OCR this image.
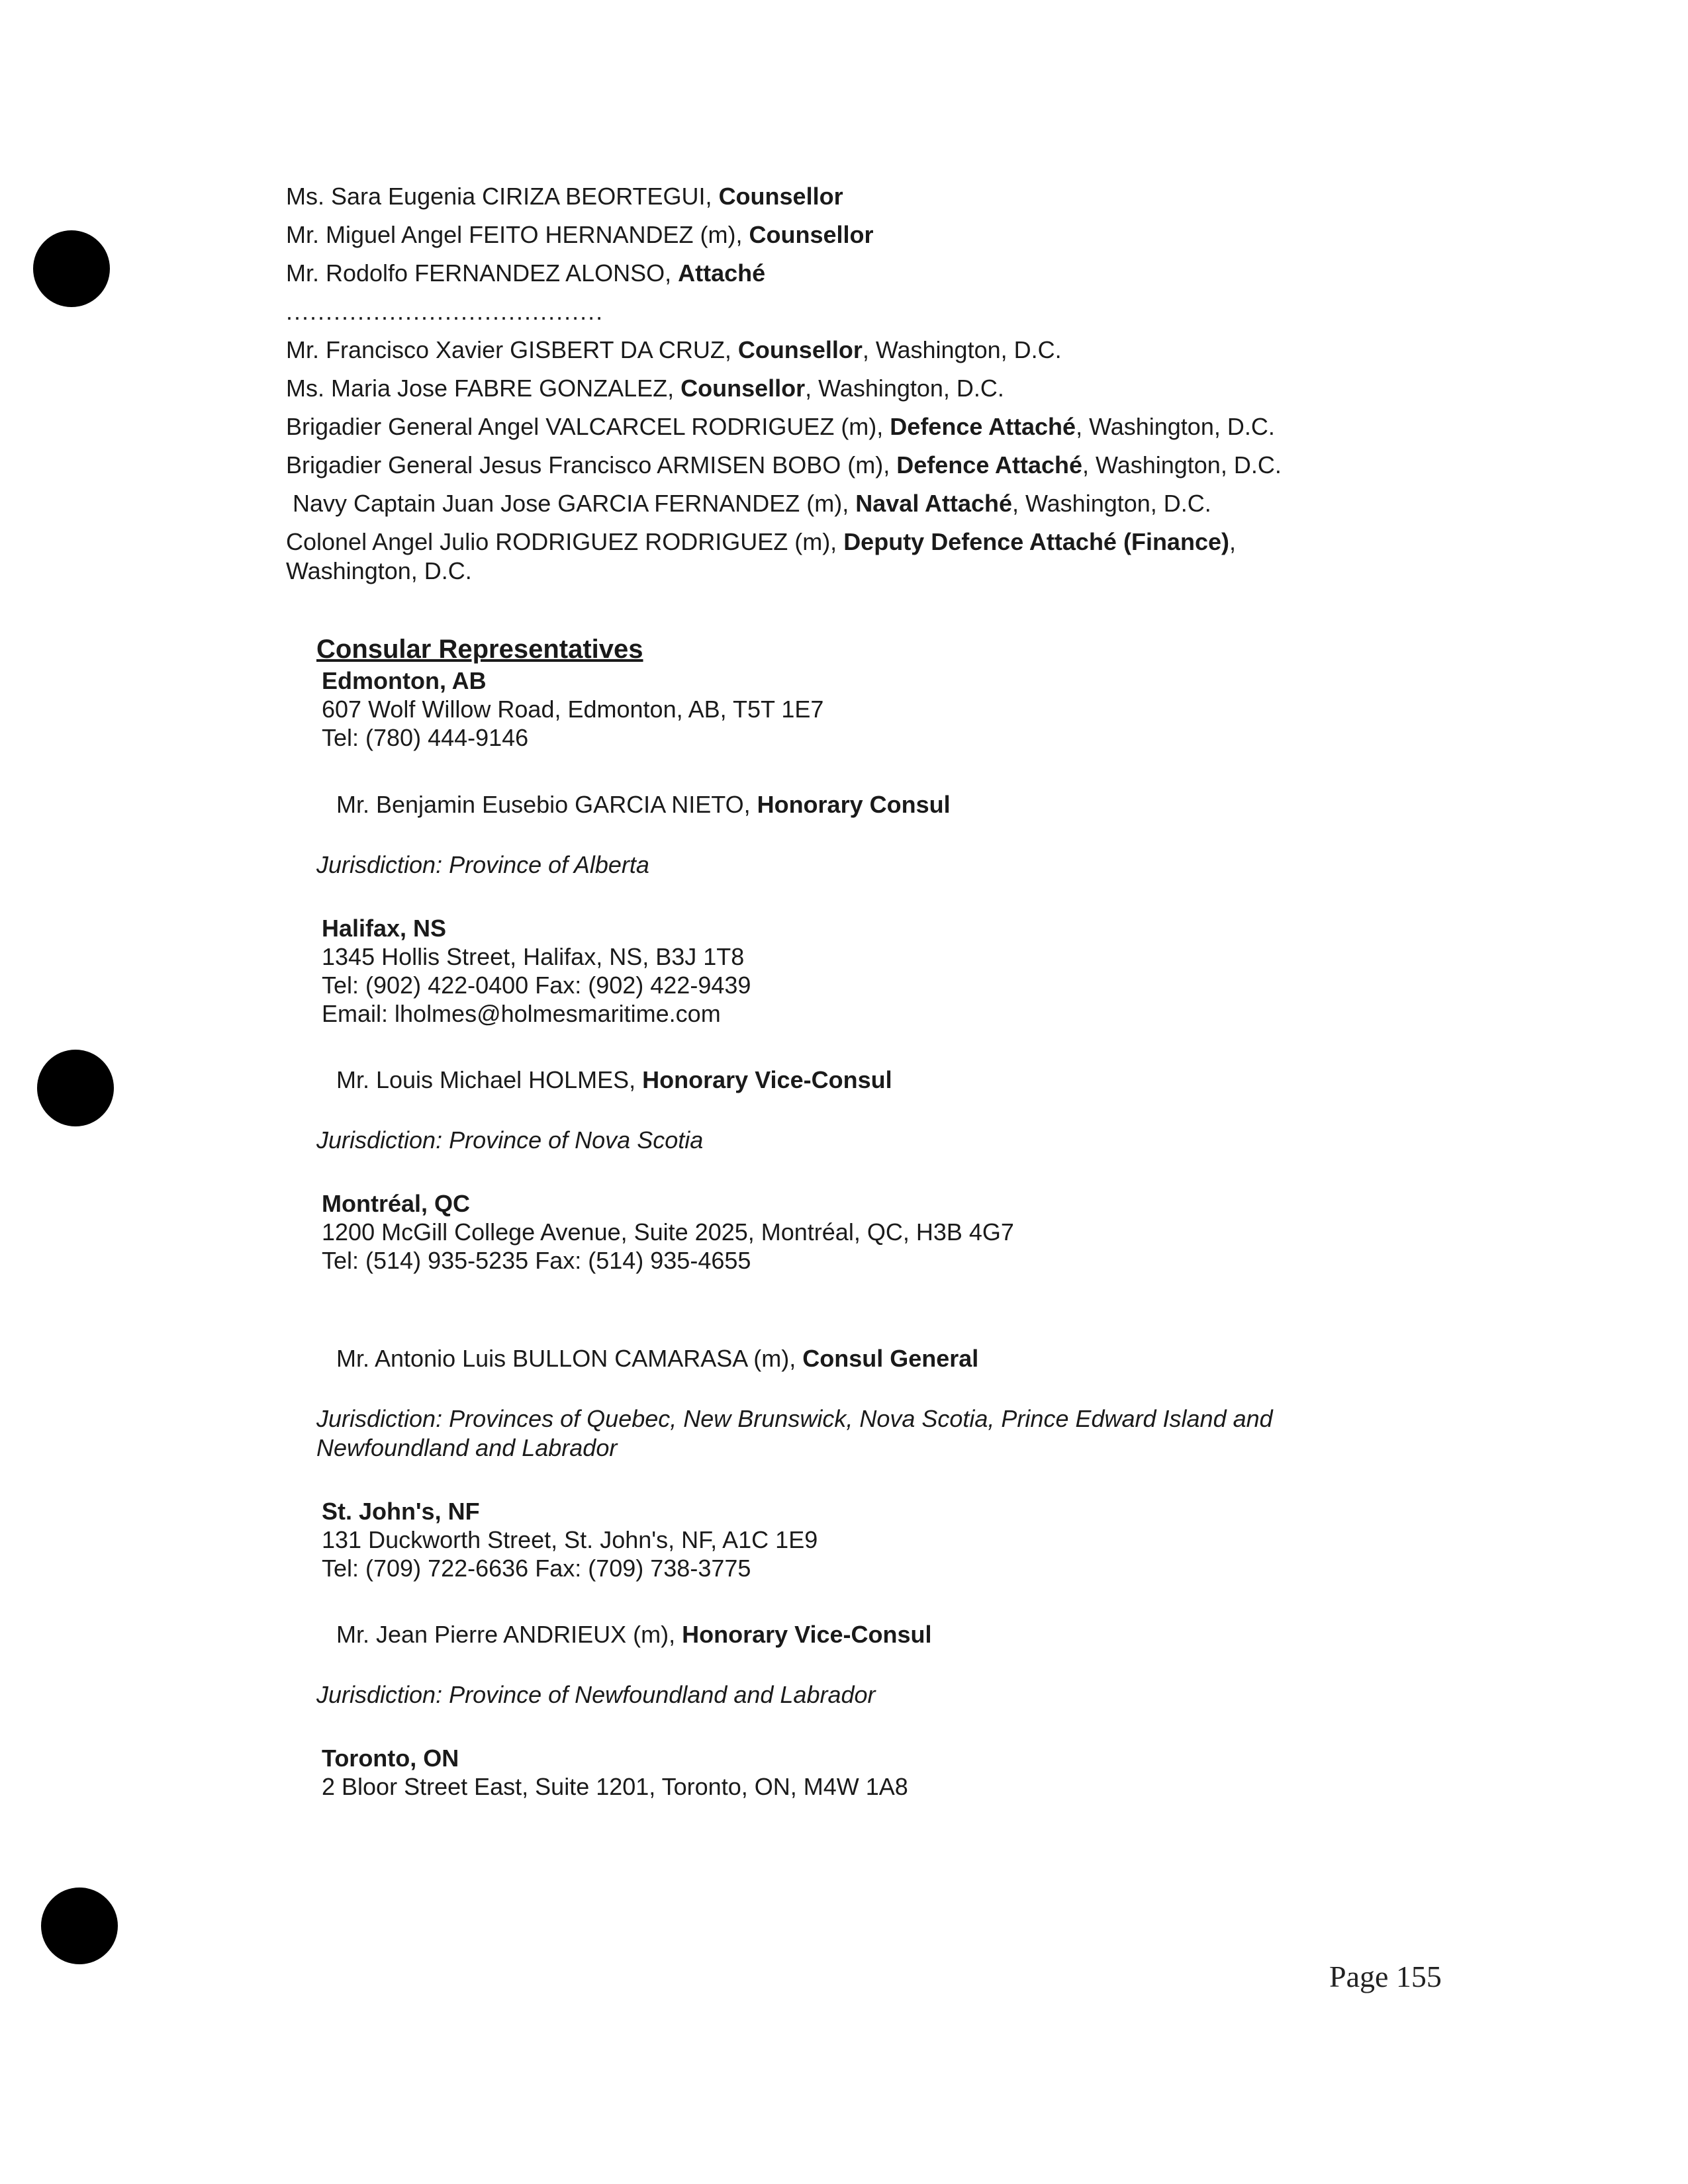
Ms. Sara Eugenia CIRIZA BEORTEGUI, Counsellor
Mr. Miguel Angel FEITO HERNANDEZ (m), Counsellor
Mr. Rodolfo FERNANDEZ ALONSO, Attaché
........................................
Mr. Francisco Xavier GISBERT DA CRUZ, Counsellor, Washington, D.C.
Ms. Maria Jose FABRE GONZALEZ, Counsellor, Washington, D.C.
Brigadier General Angel VALCARCEL RODRIGUEZ (m), Defence Attaché, Washington, D.C.
Brigadier General Jesus Francisco ARMISEN BOBO (m), Defence Attaché, Washington, D.C.
Navy Captain Juan Jose GARCIA FERNANDEZ (m), Naval Attaché, Washington, D.C.
Colonel Angel Julio RODRIGUEZ RODRIGUEZ (m), Deputy Defence Attaché (Finance), Washington, D.C.
Consular Representatives
Edmonton, AB
607 Wolf Willow Road, Edmonton, AB, T5T 1E7
Tel: (780) 444-9146
Mr. Benjamin Eusebio GARCIA NIETO, Honorary Consul
Jurisdiction: Province of Alberta
Halifax, NS
1345 Hollis Street, Halifax, NS, B3J 1T8
Tel: (902) 422-0400 Fax: (902) 422-9439
Email: lholmes@holmesmaritime.com
Mr. Louis Michael HOLMES, Honorary Vice-Consul
Jurisdiction: Province of Nova Scotia
Montréal, QC
1200 McGill College Avenue, Suite 2025, Montréal, QC, H3B 4G7
Tel: (514) 935-5235 Fax: (514) 935-4655
Mr. Antonio Luis BULLON CAMARASA (m), Consul General
Jurisdiction: Provinces of Quebec, New Brunswick, Nova Scotia, Prince Edward Island and Newfoundland and Labrador
St. John's, NF
131 Duckworth Street, St. John's, NF, A1C 1E9
Tel: (709) 722-6636 Fax: (709) 738-3775
Mr. Jean Pierre ANDRIEUX (m), Honorary Vice-Consul
Jurisdiction: Province of Newfoundland and Labrador
Toronto, ON
2 Bloor Street East, Suite 1201, Toronto, ON, M4W 1A8
Page 155
